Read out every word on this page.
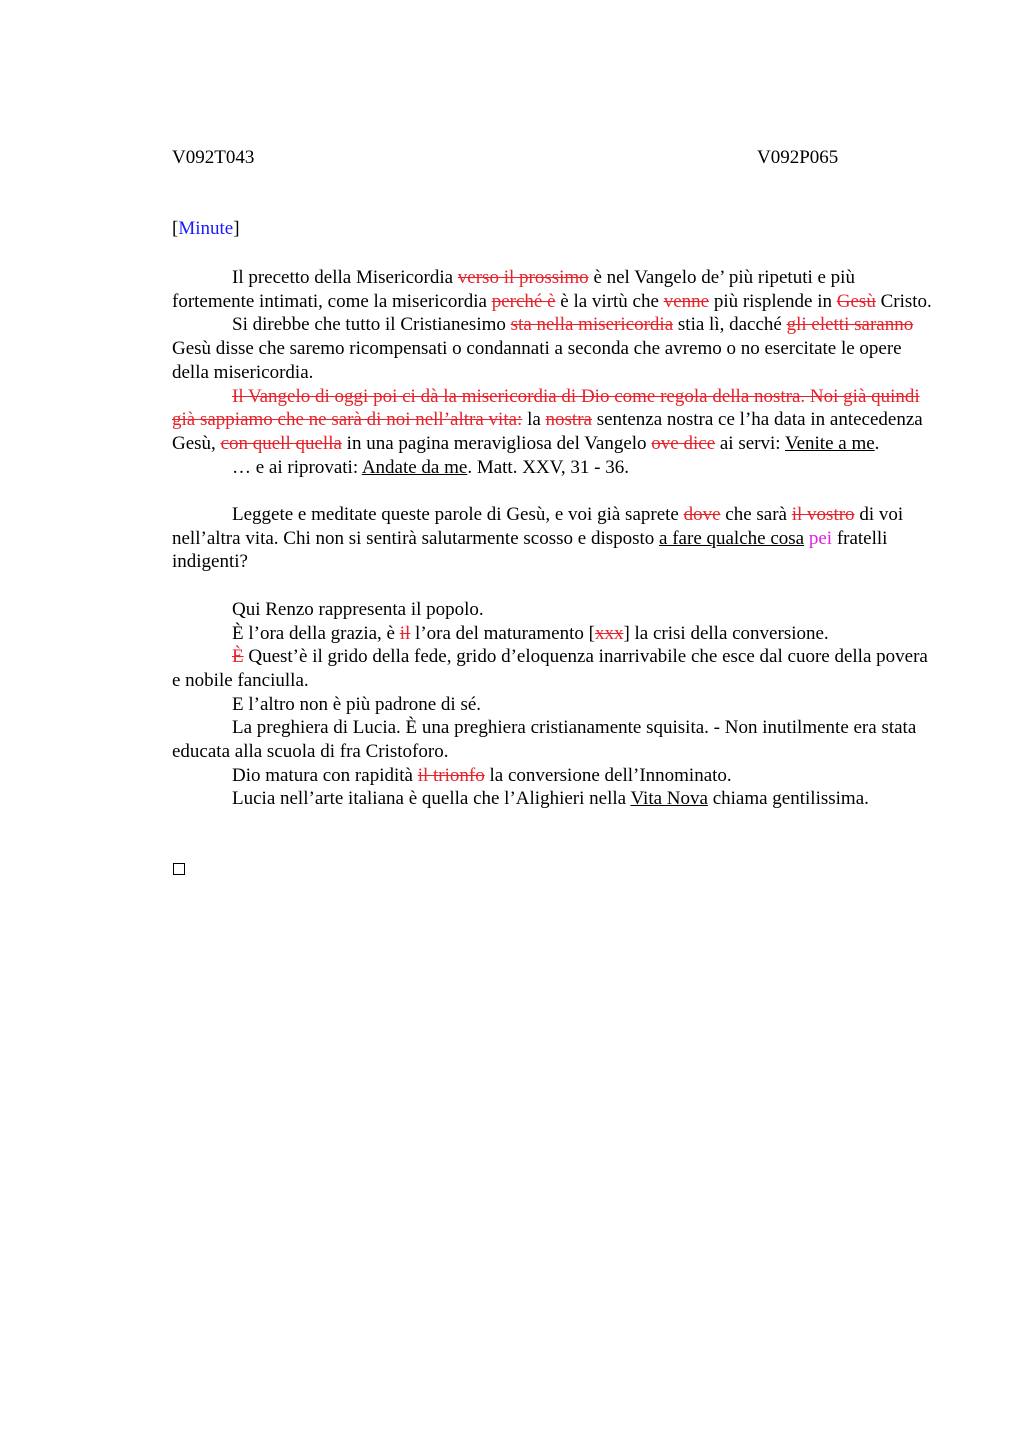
V092T043	V092P065
[Minute]

Il precetto della Misericordia verso il prossimo è nel Vangelo de’ più ripetuti e più fortemente intimati, come la misericordia perché è è la virtù che venne più risplende in Gesù Cristo.

Si direbbe che tutto il Cristianesimo sta nella misericordia stia lì, dacché gli eletti saranno Gesù disse che saremo ricompensati o condannati a seconda che avremo o no esercitate le opere della misericordia.

Il Vangelo di oggi poi ci dà la misericordia di Dio come regola della nostra. Noi già quindi già sappiamo che ne sarà di noi nell’altra vita: la nostra sentenza nostra ce l’ha data in antecedenza Gesù, con quell quella in una pagina meravigliosa del Vangelo ove dice ai servi: Venite a me.

… e ai riprovati: Andate da me. Matt. XXV, 31 - 36.

Leggete e meditate queste parole di Gesù, e voi già saprete dove che sarà il vostro di voi nell’altra vita. Chi non si sentirà salutarmente scosso e disposto a fare qualche cosa pei fratelli indigenti?

Qui Renzo rappresenta il popolo.

È l’ora della grazia, è il l’ora del maturamento [xxx] la crisi della conversione.

È Quest’è il grido della fede, grido d’eloquenza inarrivabile che esce dal cuore della povera e nobile fanciulla.

E l’altro non è più padrone di sé.

La preghiera di Lucia. È una preghiera cristianamente squisita. - Non inutilmente era stata educata alla scuola di fra Cristoforo.

Dio matura con rapidità il trionfo la conversione dell’Innominato.

Lucia nell’arte italiana è quella che l’Alighieri nella Vita Nova chiama gentilissima.
